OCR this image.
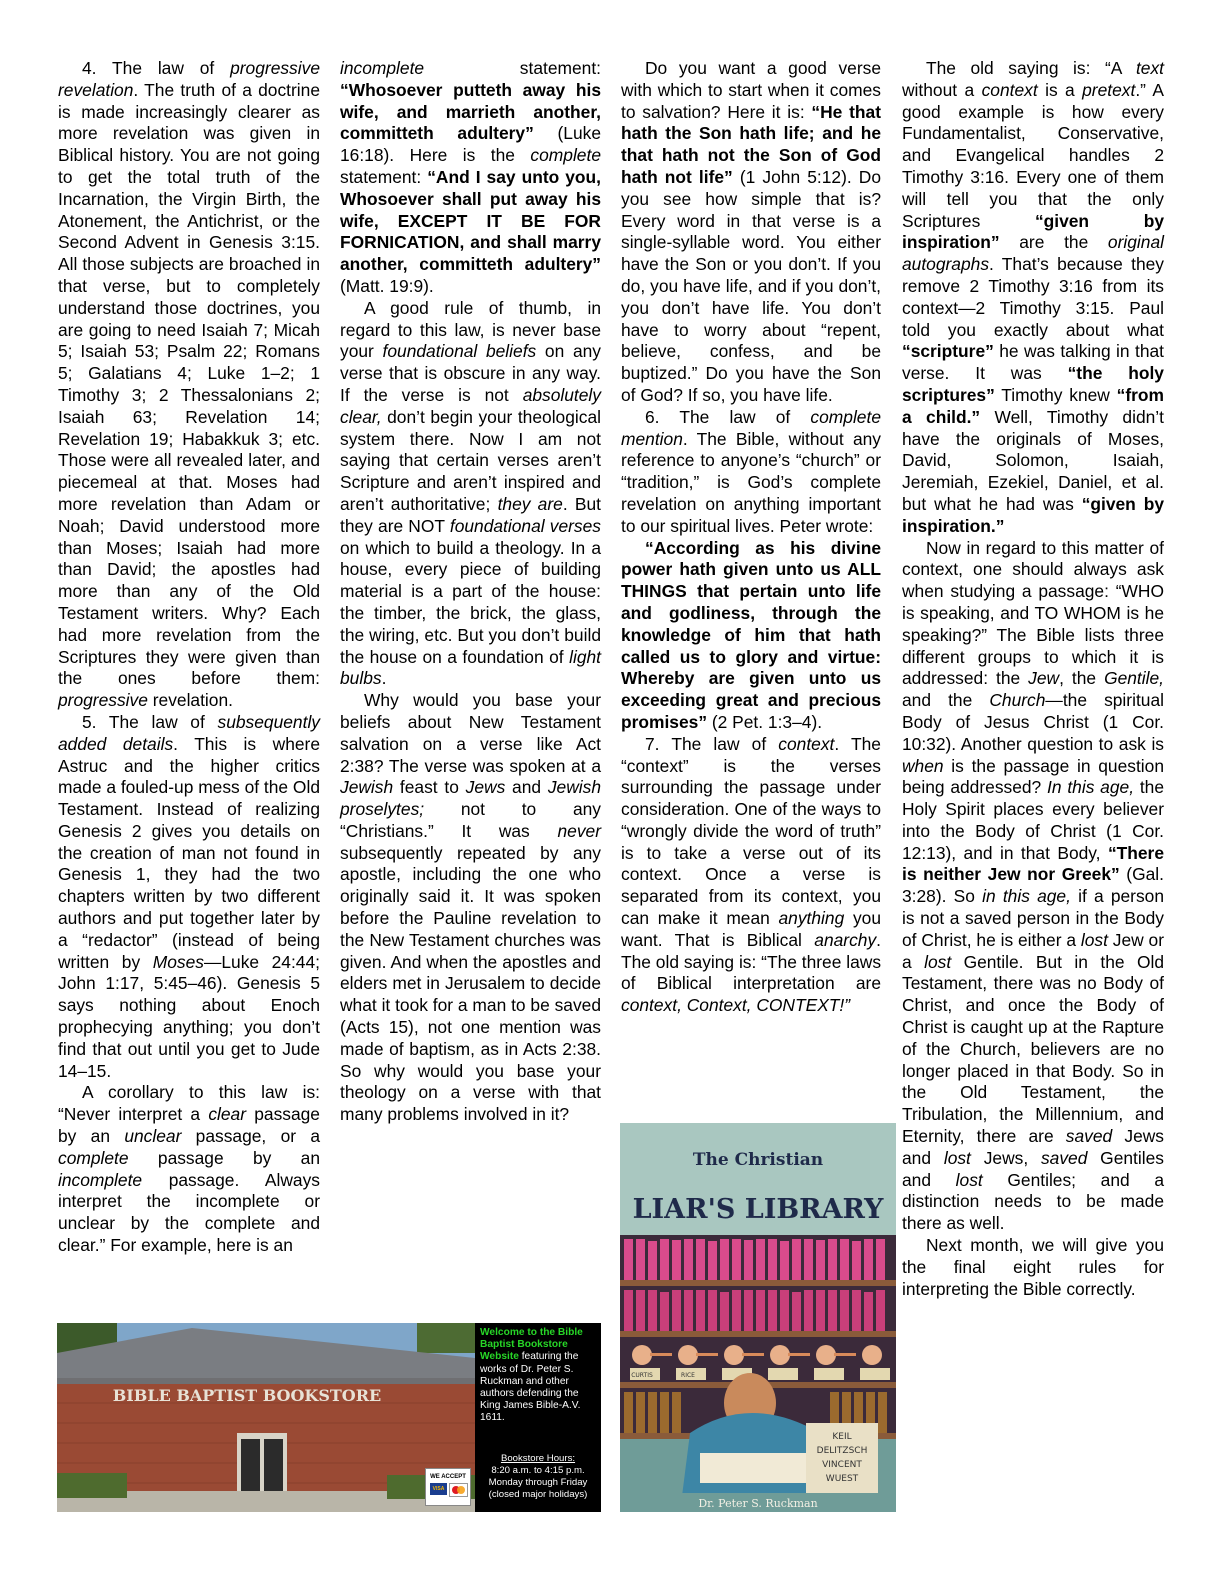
4. The law of progressive revelation. The truth of a doctrine is made increasingly clearer as more revelation was given in Biblical history. You are not going to get the total truth of the Incarnation, the Virgin Birth, the Atonement, the Antichrist, or the Second Advent in Genesis 3:15. All those subjects are broached in that verse, but to completely understand those doctrines, you are going to need Isaiah 7; Micah 5; Isaiah 53; Psalm 22; Romans 5; Galatians 4; Luke 1–2; 1 Timothy 3; 2 Thessalonians 2; Isaiah 63; Revelation 14; Revelation 19; Habakkuk 3; etc. Those were all revealed later, and piecemeal at that. Moses had more revelation than Adam or Noah; David understood more than Moses; Isaiah had more than David; the apostles had more than any of the Old Testament writers. Why? Each had more revelation from the Scriptures they were given than the ones before them: progressive revelation.

5. The law of subsequently added details. This is where Astruc and the higher critics made a fouled-up mess of the Old Testament. Instead of realizing Genesis 2 gives you details on the creation of man not found in Genesis 1, they had the two chapters written by two different authors and put together later by a “redactor” (instead of being written by Moses—Luke 24:44; John 1:17, 5:45–46). Genesis 5 says nothing about Enoch prophecying anything; you don’t find that out until you get to Jude 14–15.

A corollary to this law is: “Never interpret a clear passage by an unclear passage, or a complete passage by an incomplete passage. Always interpret the incomplete or unclear by the complete and clear.” For example, here is an

incomplete statement: “Whosoever putteth away his wife, and marrieth another, committeth adultery” (Luke 16:18). Here is the complete statement: “And I say unto you, Whosoever shall put away his wife, EXCEPT IT BE FOR FORNICATION, and shall marry another, committeth adultery” (Matt. 19:9).

A good rule of thumb, in regard to this law, is never base your foundational beliefs on any verse that is obscure in any way. If the verse is not absolutely clear, don’t begin your theological system there. Now I am not saying that certain verses aren’t Scripture and aren’t inspired and aren’t authoritative; they are. But they are NOT foundational verses on which to build a theology. In a house, every piece of building material is a part of the house: the timber, the brick, the glass, the wiring, etc. But you don’t build the house on a foundation of light bulbs.

Why would you base your beliefs about New Testament salvation on a verse like Act 2:38? The verse was spoken at a Jewish feast to Jews and Jewish proselytes; not to any “Christians.” It was never subsequently repeated by any apostle, including the one who originally said it. It was spoken before the Pauline revelation to the New Testament churches was given. And when the apostles and elders met in Jerusalem to decide what it took for a man to be saved (Acts 15), not one mention was made of baptism, as in Acts 2:38. So why would you base your theology on a verse with that many problems involved in it?

Do you want a good verse with which to start when it comes to salvation? Here it is: “He that hath the Son hath life; and he that hath not the Son of God hath not life” (1 John 5:12). Do you see how simple that is? Every word in that verse is a single-syllable word. You either have the Son or you don’t. If you do, you have life, and if you don’t, you don’t have life. You don’t have to worry about “repent, believe, confess, and be buptized.” Do you have the Son of God? If so, you have life.

6. The law of complete mention. The Bible, without any reference to anyone’s “church” or “tradition,” is God’s complete revelation on anything important to our spiritual lives. Peter wrote:

“According as his divine power hath given unto us ALL THINGS that pertain unto life and godliness, through the knowledge of him that hath called us to glory and virtue: Whereby are given unto us exceeding great and precious promises” (2 Pet. 1:3–4).

7. The law of context. The “context” is the verses surrounding the passage under consideration. One of the ways to “wrongly divide the word of truth” is to take a verse out of its context. Once a verse is separated from its context, you can make it mean anything you want. That is Biblical anarchy. The old saying is: “The three laws of Biblical interpretation are context, Context, CONTEXT!”

The old saying is: “A text without a context is a pretext.” A good example is how every Fundamentalist, Conservative, and Evangelical handles 2 Timothy 3:16. Every one of them will tell you that the only Scriptures “given by inspiration” are the original autographs. That’s because they remove 2 Timothy 3:16 from its context—2 Timothy 3:15. Paul told you exactly about what “scripture” he was talking in that verse. It was “the holy scriptures” Timothy knew “from a child.” Well, Timothy didn’t have the originals of Moses, David, Solomon, Isaiah, Jeremiah, Ezekiel, Daniel, et al. but what he had was “given by inspiration.”

Now in regard to this matter of context, one should always ask when studying a passage: “WHO is speaking, and TO WHOM is he speaking?” The Bible lists three different groups to which it is addressed: the Jew, the Gentile, and the Church—the spiritual Body of Jesus Christ (1 Cor. 10:32). Another question to ask is when is the passage in question being addressed? In this age, the Holy Spirit places every believer into the Body of Christ (1 Cor. 12:13), and in that Body, “There is neither Jew nor Greek” (Gal. 3:28). So in this age, if a person is not a saved person in the Body of Christ, he is either a lost Jew or a lost Gentile. But in the Old Testament, there was no Body of Christ, and once the Body of Christ is caught up at the Rapture of the Church, believers are no longer placed in that Body. So in the Old Testament, the Tribulation, the Millennium, and Eternity, there are saved Jews and lost Jews, saved Gentiles and lost Gentiles; and a distinction needs to be made there as well.

Next month, we will give you the final eight rules for interpreting the Bible correctly.

BIBLE BAPTIST BOOKSTORE
Welcome to the Bible Baptist Bookstore Website featuring the works of Dr. Peter S. Ruckman and other authors defending the King James Bible-A.V. 1611.
Bookstore Hours:
8:20 a.m. to 4:15 p.m.
Monday through Friday
(closed major holidays)
WE ACCEPT
VISA
The Christian
LIAR'S LIBRARY
KEIL
DELITZSCH
VINCENT
WUEST
CURTIS	RICE
Dr. Peter S. Ruckman
